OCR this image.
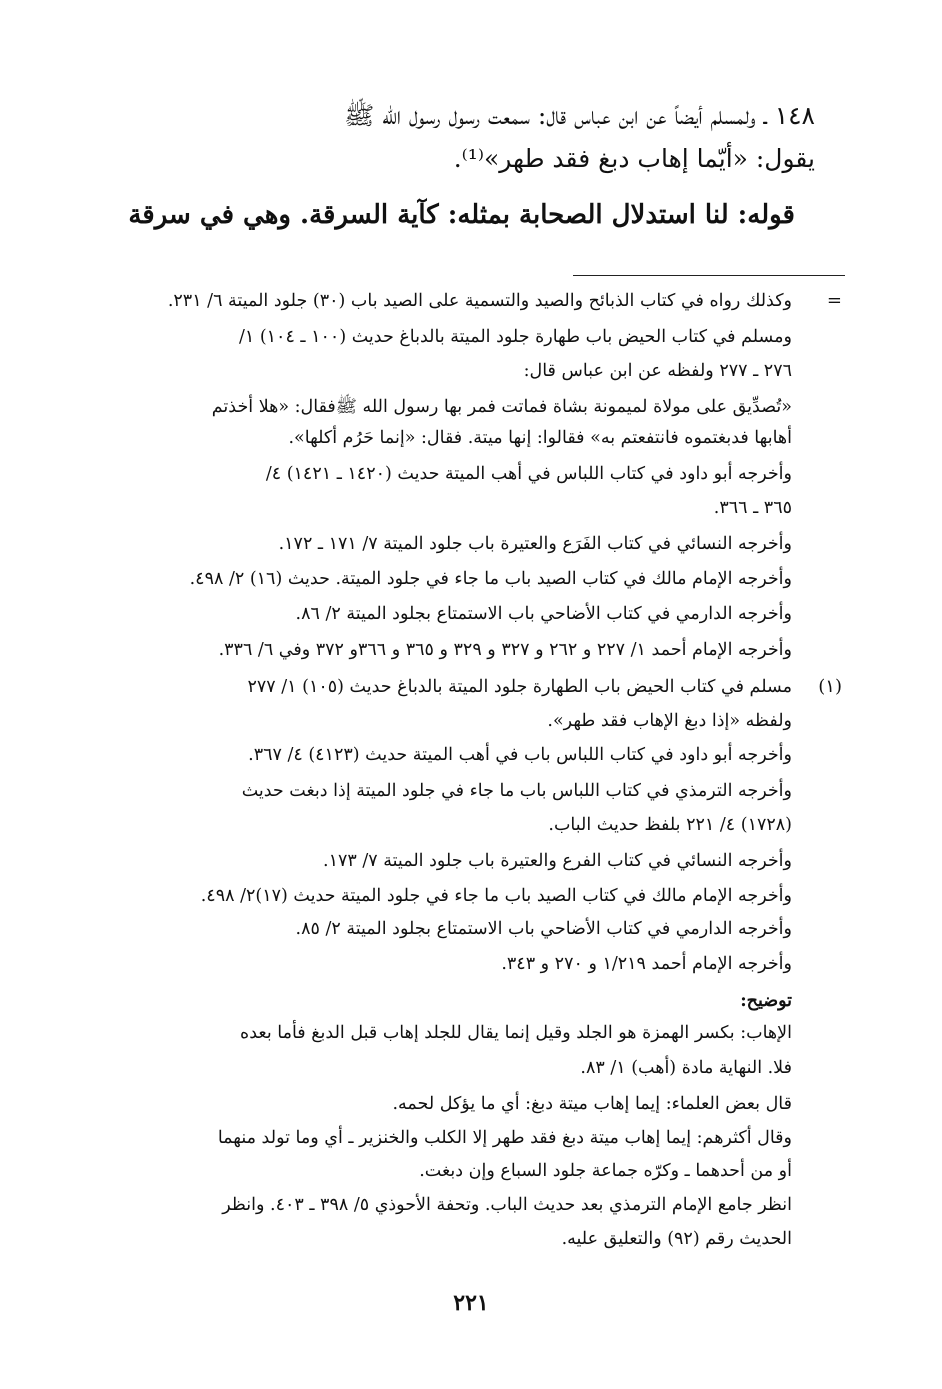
١٤٨ ـ ولمسلم أيضاً عن ابن عباس قال: سمعت رسول رسول الله ﷺ
يقول: «أيّما إهاب دبغ فقد طهر»⁽¹⁾.
قوله: لنا استدلال الصحابة بمثله: كآية السرقة. وهي في سرقة
=
(١)
وكذلك رواه في كتاب الذبائح والصيد والتسمية على الصيد باب (٣٠) جلود الميتة ٦/ ٢٣١.
ومسلم في كتاب الحيض باب طهارة جلود الميتة بالدباغ حديث (١٠٠ ـ ١٠٤) ١/
٢٧٦ ـ ٢٧٧ ولفظه عن ابن عباس قال:
«تُصدِّيق على مولاة لميمونة بشاة فماتت فمر بها رسول الله ﷺفقال: «هلا أخذتم
أهابها فدبغتموه فانتفعتم به» فقالوا: إنها ميتة. فقال: «إنما حَرُم أكلها».
وأخرجه أبو داود في كتاب اللباس في أهب الميتة حديث (١٤٢٠ ـ ١٤٢١) ٤/
٣٦٥ ـ ٣٦٦.
وأخرجه النسائي في كتاب الفَرَع والعتيرة باب جلود الميتة ٧/ ١٧١ ـ ١٧٢.
وأخرجه الإمام مالك في كتاب الصيد باب ما جاء في جلود الميتة. حديث (١٦) ٢/ ٤٩٨.
وأخرجه الدارمي في كتاب الأضاحي باب الاستمتاع بجلود الميتة ٢/ ٨٦.
وأخرجه الإمام أحمد ١/ ٢٢٧ و ٢٦٢ و ٣٢٧ و ٣٢٩ و ٣٦٥ و ٣٦٦و ٣٧٢ وفي ٦/ ٣٣٦.
مسلم في كتاب الحيض باب الطهارة جلود الميتة بالدباغ حديث (١٠٥) ١/ ٢٧٧
ولفظه «إذا دبغ الإهاب فقد طهر».
وأخرجه أبو داود في كتاب اللباس باب في أهب الميتة حديث (٤١٢٣) ٤/ ٣٦٧.
وأخرجه الترمذي في كتاب اللباس باب ما جاء في جلود الميتة إذا دبغت حديث
(١٧٢٨) ٤/ ٢٢١ بلفظ حديث الباب.
وأخرجه النسائي في كتاب الفرع والعتيرة باب جلود الميتة ٧/ ١٧٣.
وأخرجه الإمام مالك في كتاب الصيد باب ما جاء في جلود الميتة حديث (١٧)٢/ ٤٩٨.
وأخرجه الدارمي في كتاب الأضاحي باب الاستمتاع بجلود الميتة ٢/ ٨٥.
وأخرجه الإمام أحمد ١/٢١٩ و ٢٧٠ و ٣٤٣.
توضيح:
الإهاب: بكسر الهمزة هو الجلد وقيل إنما يقال للجلد إهاب قبل الدبغ فأما بعده
فلا. النهاية مادة (أهب) ١/ ٨٣.
قال بعض العلماء: إيما إهاب ميتة دبغ: أي ما يؤكل لحمه.
وقال أكثرهم: إيما إهاب ميتة دبغ فقد طهر إلا الكلب والخنزير ـ أي وما تولد منهما
أو من أحدهما ـ وكرّه جماعة جلود السباع وإن دبغت.
انظر جامع الإمام الترمذي بعد حديث الباب. وتحفة الأحوذي ٥/ ٣٩٨ ـ ٤٠٣. وانظر
الحديث رقم (٩٢) والتعليق عليه.
٢٢١
